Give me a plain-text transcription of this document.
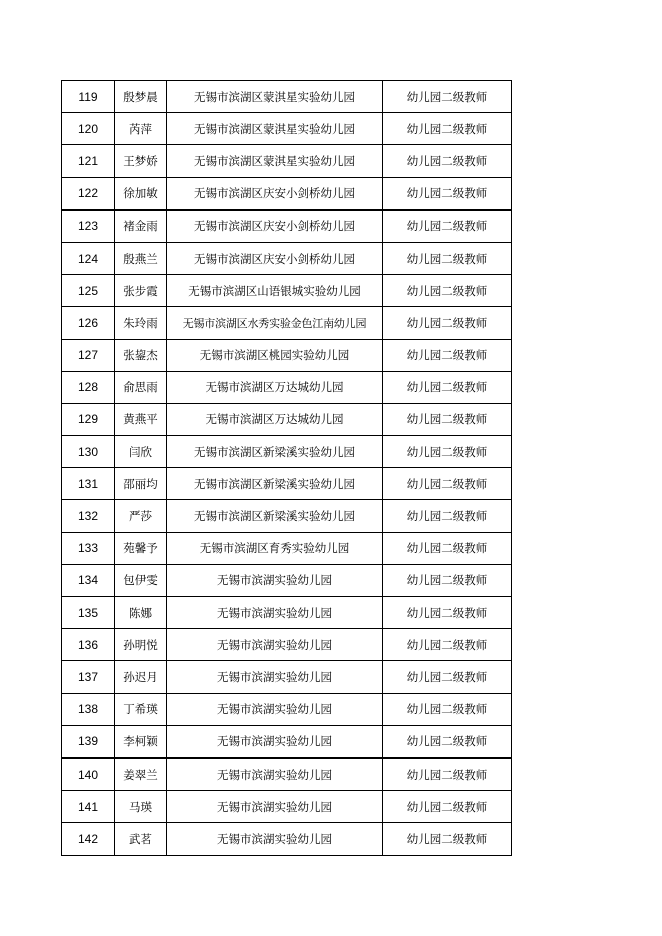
119	殷梦晨	无锡市滨湖区蒙淇星实验幼儿园	幼儿园二级教师
120	芮萍	无锡市滨湖区蒙淇星实验幼儿园	幼儿园二级教师
121	王梦娇	无锡市滨湖区蒙淇星实验幼儿园	幼儿园二级教师
122	徐加敏	无锡市滨湖区庆安小剑桥幼儿园	幼儿园二级教师
123	褚金雨	无锡市滨湖区庆安小剑桥幼儿园	幼儿园二级教师
124	殷燕兰	无锡市滨湖区庆安小剑桥幼儿园	幼儿园二级教师
125	张步霞	无锡市滨湖区山语银城实验幼儿园	幼儿园二级教师
126	朱玲雨	无锡市滨湖区水秀实验金色江南幼儿园	幼儿园二级教师
127	张鋆杰	无锡市滨湖区桃园实验幼儿园	幼儿园二级教师
128	俞思雨	无锡市滨湖区万达城幼儿园	幼儿园二级教师
129	黄燕平	无锡市滨湖区万达城幼儿园	幼儿园二级教师
130	闫欣	无锡市滨湖区新梁溪实验幼儿园	幼儿园二级教师
131	邵丽均	无锡市滨湖区新梁溪实验幼儿园	幼儿园二级教师
132	严莎	无锡市滨湖区新梁溪实验幼儿园	幼儿园二级教师
133	苑馨予	无锡市滨湖区育秀实验幼儿园	幼儿园二级教师
134	包伊雯	无锡市滨湖实验幼儿园	幼儿园二级教师
135	陈娜	无锡市滨湖实验幼儿园	幼儿园二级教师
136	孙明悦	无锡市滨湖实验幼儿园	幼儿园二级教师
137	孙迟月	无锡市滨湖实验幼儿园	幼儿园二级教师
138	丁希瑛	无锡市滨湖实验幼儿园	幼儿园二级教师
139	李柯颖	无锡市滨湖实验幼儿园	幼儿园二级教师
140	姜翠兰	无锡市滨湖实验幼儿园	幼儿园二级教师
141	马瑛	无锡市滨湖实验幼儿园	幼儿园二级教师
142	武茗	无锡市滨湖实验幼儿园	幼儿园二级教师
